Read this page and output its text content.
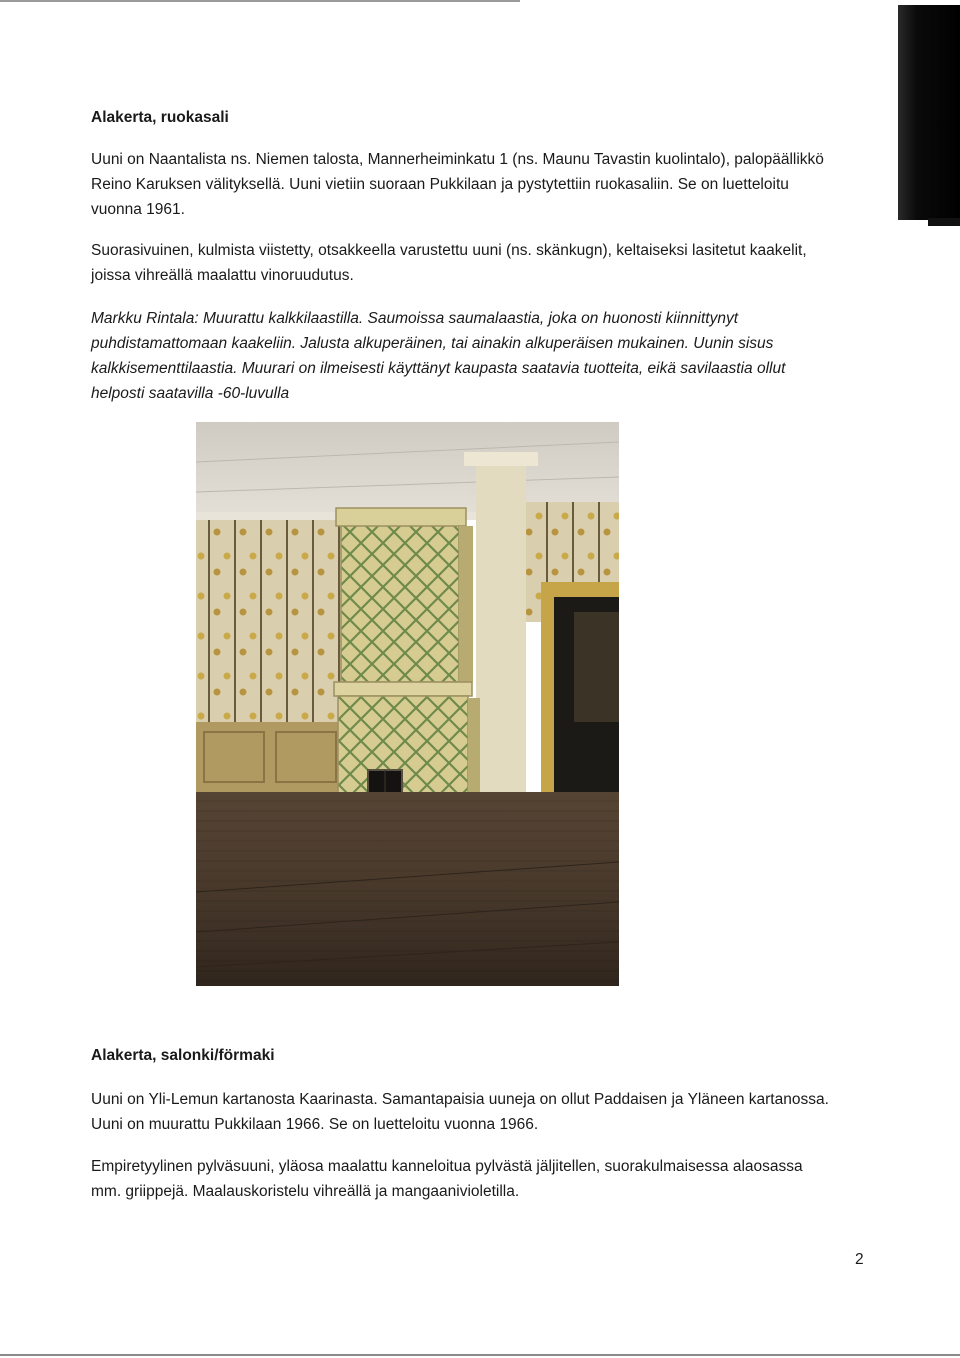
Alakerta, ruokasali

Uuni on Naantalista ns. Niemen talosta, Mannerheiminkatu 1 (ns. Maunu Tavastin kuolintalo), palopäällikkö
Reino Karuksen välityksellä. Uuni vietiin suoraan Pukkilaan ja pystytettiin ruokasaliin. Se on luetteloitu
vuonna 1961.

Suorasivuinen, kulmista viistetty, otsakkeella varustettu uuni (ns. skänkugn), keltaiseksi lasitetut kaakelit,
joissa vihreällä maalattu vinoruudutus.

Markku Rintala: Muurattu kalkkilaastilla. Saumoissa saumalaastia, joka on huonosti kiinnittynyt
puhdistamattomaan kaakeliin. Jalusta alkuperäinen, tai ainakin alkuperäisen mukainen. Uunin sisus
kalkkisementtilaastia. Muurari on ilmeisesti käyttänyt kaupasta saatavia tuotteita, eikä savilaastia ollut
helposti saatavilla -60-luvulla

Alakerta, salonki/förmaki

Uuni on Yli-Lemun kartanosta Kaarinasta. Samantapaisia uuneja on ollut Paddaisen ja Yläneen kartanossa.
Uuni on muurattu Pukkilaan 1966. Se on luetteloitu vuonna 1966.

Empiretyylinen pylväsuuni, yläosa maalattu kanneloitua pylvästä jäljitellen, suorakulmaisessa alaosassa
mm. griippejä. Maalauskoristelu vihreällä ja mangaanivioletilla.

2
